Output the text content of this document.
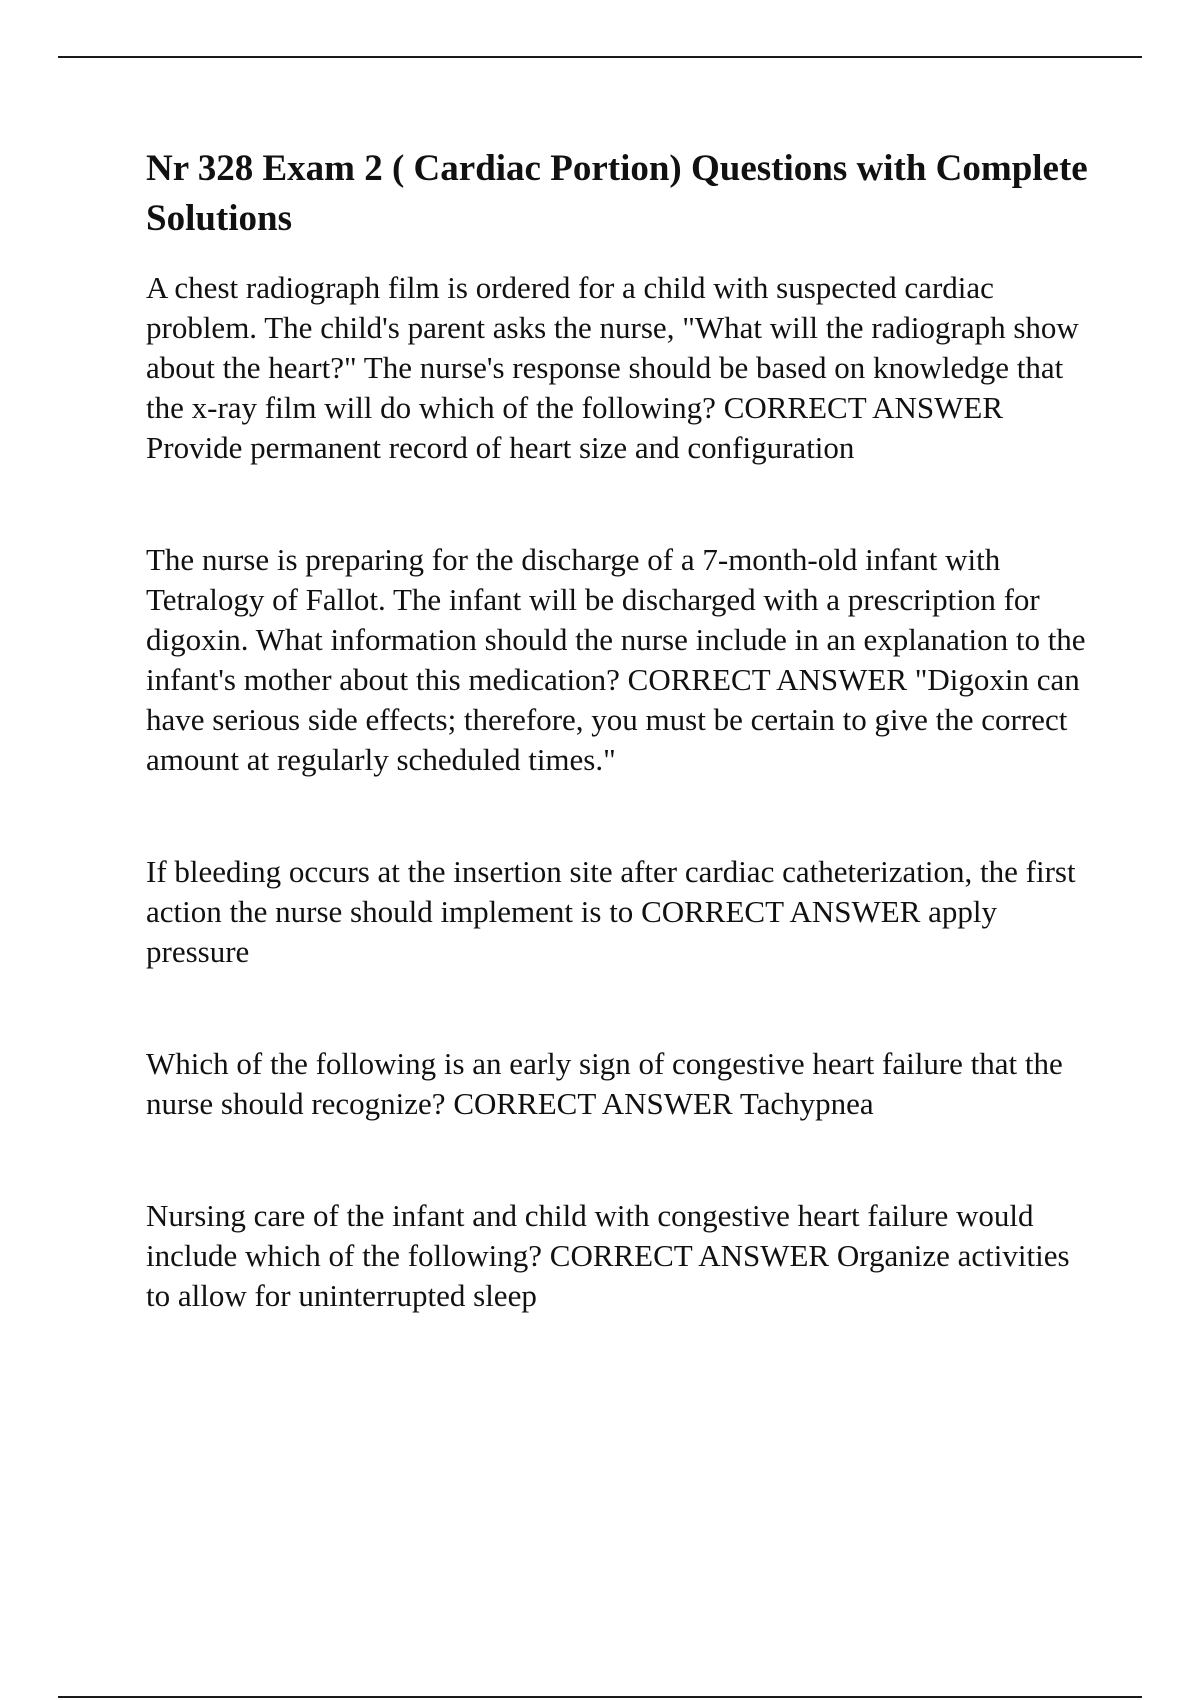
Nr 328 Exam 2 ( Cardiac Portion) Questions with Complete Solutions

A chest radiograph film is ordered for a child with suspected cardiac problem. The child's parent asks the nurse, "What will the radiograph show about the heart?" The nurse's response should be based on knowledge that the x-ray film will do which of the following? CORRECT ANSWER Provide permanent record of heart size and configuration

The nurse is preparing for the discharge of a 7-month-old infant with Tetralogy of Fallot. The infant will be discharged with a prescription for digoxin. What information should the nurse include in an explanation to the infant's mother about this medication? CORRECT ANSWER "Digoxin can have serious side effects; therefore, you must be certain to give the correct amount at regularly scheduled times."

If bleeding occurs at the insertion site after cardiac catheterization, the first action the nurse should implement is to CORRECT ANSWER apply pressure

Which of the following is an early sign of congestive heart failure that the nurse should recognize? CORRECT ANSWER Tachypnea

Nursing care of the infant and child with congestive heart failure would include which of the following? CORRECT ANSWER Organize activities to allow for uninterrupted sleep
